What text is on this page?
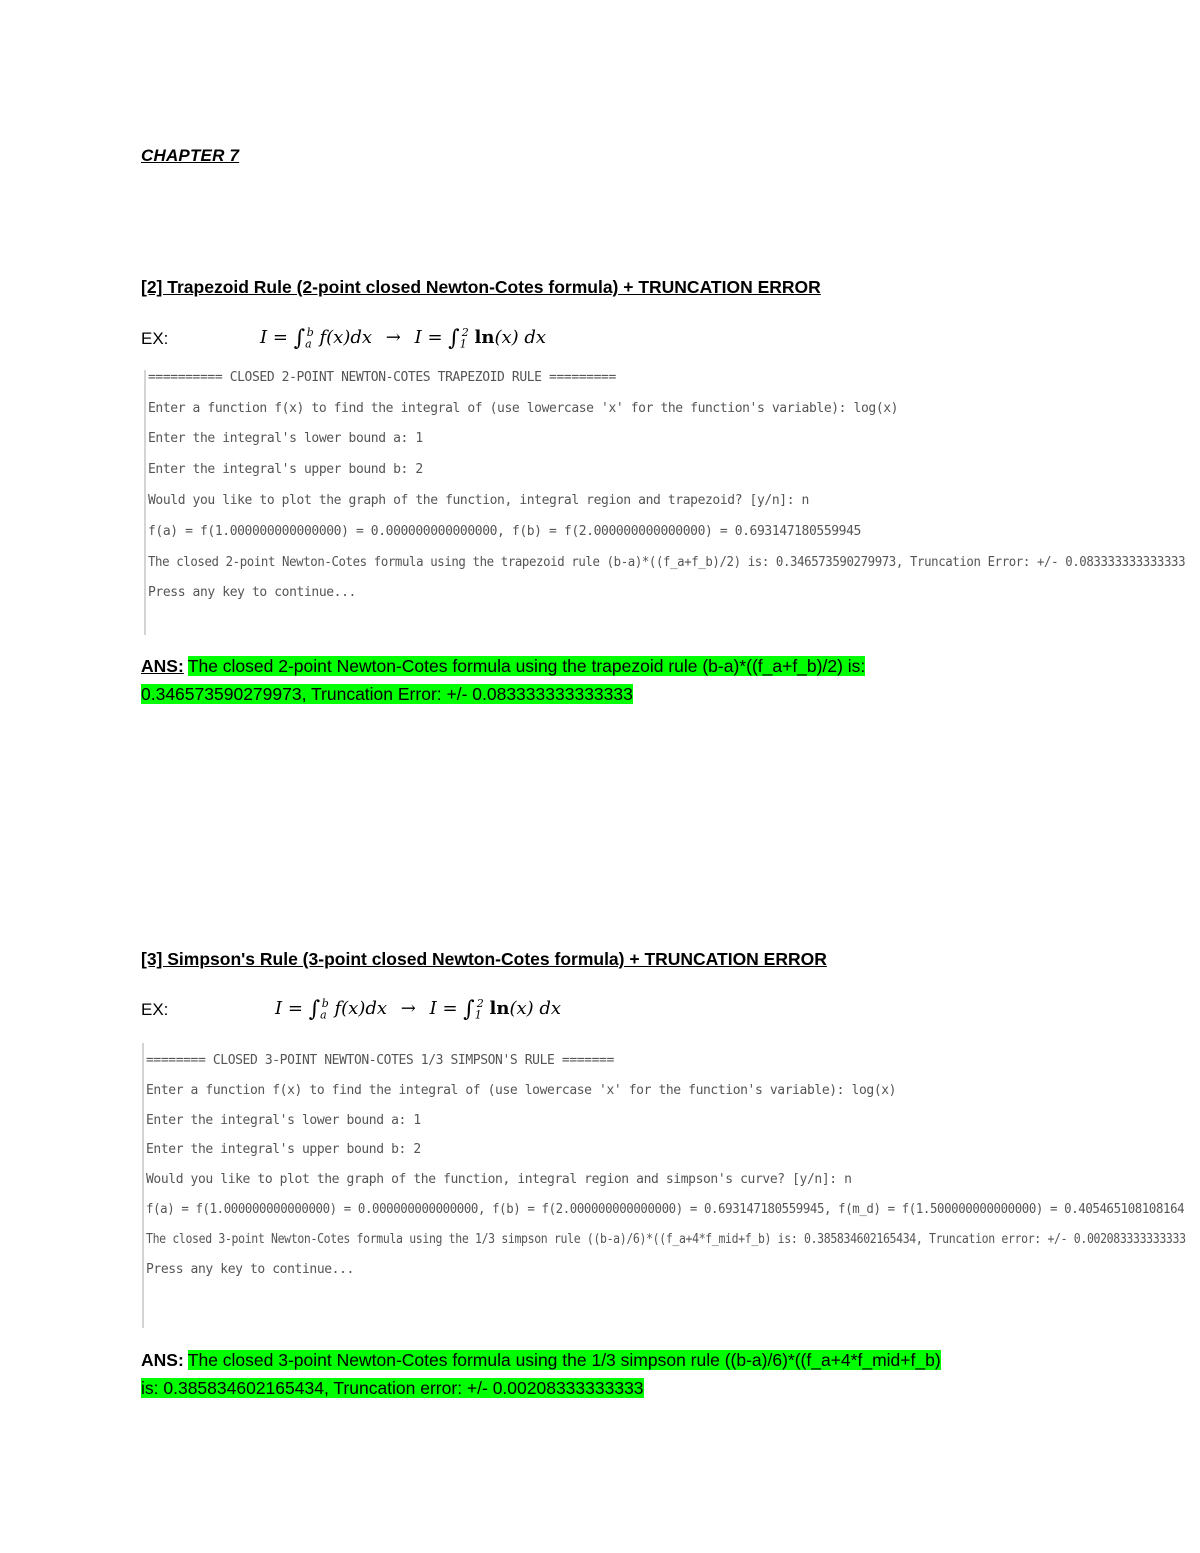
CHAPTER 7
[2] Trapezoid Rule (2-point closed Newton-Cotes formula) + TRUNCATION ERROR
EX:	$I = \int_a^b$ $f(x)dx \to I = \int_1^2$ ln(x) dx

========== CLOSED 2-POINT NEWTON-COTES TRAPEZOID RULE =========

Enter a function f(x) to find the integral of (use lowercase 'x' for the function's variable): log(x)

Enter the integral's lower bound a: 1

Enter the integral's upper bound b: 2

Would you like to plot the graph of the function, integral region and trapezoid? [y/n]: n

f(a) = f(1.000000000000000) = 0.000000000000000, f(b) = f(2.000000000000000) = 0.693147180559945

The closed 2-point Newton-Cotes formula using the trapezoid rule (b-a)*((f_a+f_b)/2) is: 0.346573590279973, Truncation Error: +/- 0.083333333333333

Press any key to continue...

ANS: The closed 2-point Newton-Cotes formula using the trapezoid rule (b-a)*((f_a+f_b)/2) is:
0.346573590279973, Truncation Error: +/- 0.083333333333333
[3] Simpson's Rule (3-point closed Newton-Cotes formula) + TRUNCATION ERROR
EX:	$I = \int_a^b$ $f(x)dx \to I = \int_1^2$ ln(x) dx

======== CLOSED 3-POINT NEWTON-COTES 1/3 SIMPSON'S RULE =======

Enter a function f(x) to find the integral of (use lowercase 'x' for the function's variable): log(x)

Enter the integral's lower bound a: 1

Enter the integral's upper bound b: 2

Would you like to plot the graph of the function, integral region and simpson's curve? [y/n]: n

f(a) = f(1.000000000000000) = 0.000000000000000, f(b) = f(2.000000000000000) = 0.693147180559945, f(m_d) = f(1.500000000000000) = 0.405465108108164

The closed 3-point Newton-Cotes formula using the 1/3 simpson rule ((b-a)/6)*((f_a+4*f_mid+f_b) is: 0.385834602165434, Truncation error: +/- 0.002083333333333

Press any key to continue...

ANS: The closed 3-point Newton-Cotes formula using the 1/3 simpson rule ((b-a)/6)*((f_a+4*f_mid+f_b)
is: 0.385834602165434, Truncation error: +/- 0.00208333333333
